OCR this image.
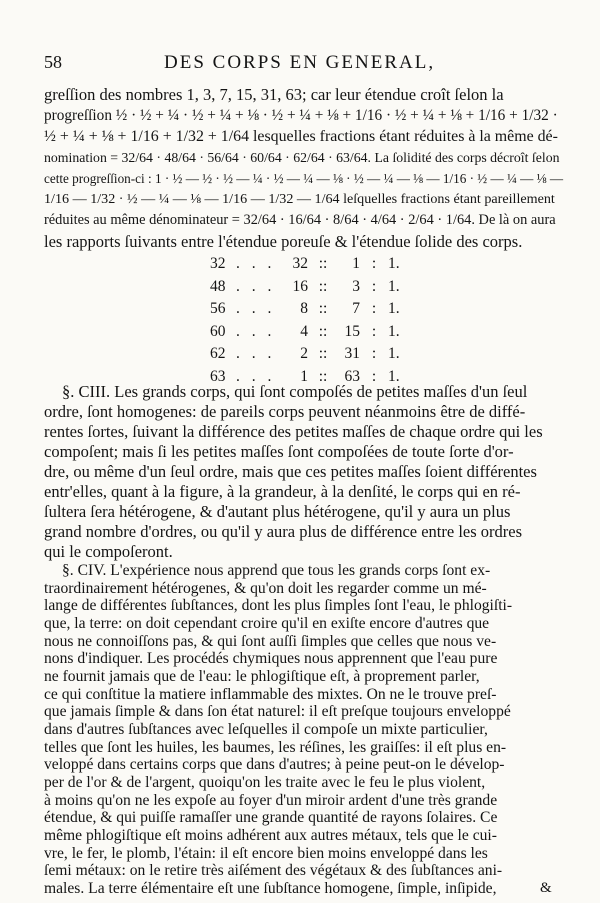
58	DES CORPS EN GENERAL,
greſſion des nombres 1, 3, 7, 15, 31, 63; car leur étendue croît ſelon la
progreſſion ½ · ½ + ¼ · ½ + ¼ + ⅛ · ½ + ¼ + ⅛ + 1/16 · ½ + ¼ + ⅛ + 1/16 + 1/32 ·
½ + ¼ + ⅛ + 1/16 + 1/32 + 1/64 lesquelles fractions étant réduites à la même dé-
nomination = 32/64 · 48/64 · 56/64 · 60/64 · 62/64 · 63/64. La ſolidité des corps décroît ſelon
cette progreſſion-ci : 1 · ½ — ½ · ½ — ¼ · ½ — ¼ — ⅛ · ½ — ¼ — ⅛ — 1/16 · ½ — ¼ — ⅛ —
1/16 — 1/32 · ½ — ¼ — ⅛ — 1/16 — 1/32 — 1/64 leſquelles fractions étant pareillement
réduites au même dénominateur = 32/64 · 16/64 · 8/64 · 4/64 · 2/64 · 1/64. De là on aura
les rapports ſuivants entre l'étendue poreuſe & l'étendue ſolide des corps.
32 . . .	32 ::	1 : 1.
48 . . .	16 ::	3 : 1.
56 . . .	8 ::	7 : 1.
60 . . .	4 ::	15 : 1.
62 . . .	2 ::	31 : 1.
63 . . .	1 ::	63 : 1.
§. CIII. Les grands corps, qui ſont compoſés de petites maſſes d'un ſeul
ordre, ſont homogenes: de pareils corps peuvent néanmoins être de diffé-
rentes ſortes, ſuivant la différence des petites maſſes de chaque ordre qui les
compoſent; mais ſi les petites maſſes ſont compoſées de toute ſorte d'or-
dre, ou même d'un ſeul ordre, mais que ces petites maſſes ſoient différentes
entr'elles, quant à la figure, à la grandeur, à la denſité, le corps qui en ré-
ſultera ſera hétérogene, & d'autant plus hétérogene, qu'il y aura un plus
grand nombre d'ordres, ou qu'il y aura plus de différence entre les ordres
qui le compoſeront.
§. CIV. L'expérience nous apprend que tous les grands corps ſont ex-
traordinairement hétérogenes, & qu'on doit les regarder comme un mé-
lange de différentes ſubſtances, dont les plus ſimples ſont l'eau, le phlogiſti-
que, la terre: on doit cependant croire qu'il en exiſte encore d'autres que
nous ne connoiſſons pas, & qui ſont auſſi ſimples que celles que nous ve-
nons d'indiquer. Les procédés chymiques nous apprennent que l'eau pure
ne fournit jamais que de l'eau: le phlogiſtique eſt, à proprement parler,
ce qui conſtitue la matiere inflammable des mixtes. On ne le trouve preſ-
que jamais ſimple & dans ſon état naturel: il eſt preſque toujours enveloppé
dans d'autres ſubſtances avec leſquelles il compoſe un mixte particulier,
telles que ſont les huiles, les baumes, les réſines, les graiſſes: il eſt plus en-
veloppé dans certains corps que dans d'autres; à peine peut-on le dévelop-
per de l'or & de l'argent, quoiqu'on les traite avec le feu le plus violent,
à moins qu'on ne les expoſe au foyer d'un miroir ardent d'une très grande
étendue, & qui puiſſe ramaſſer une grande quantité de rayons ſolaires. Ce
même phlogiſtique eſt moins adhérent aux autres métaux, tels que le cui-
vre, le fer, le plomb, l'étain: il eſt encore bien moins enveloppé dans les
ſemi métaux: on le retire très aiſément des végétaux & des ſubſtances ani-
males. La terre élémentaire eſt une ſubſtance homogene, ſimple, inſipide,	&
